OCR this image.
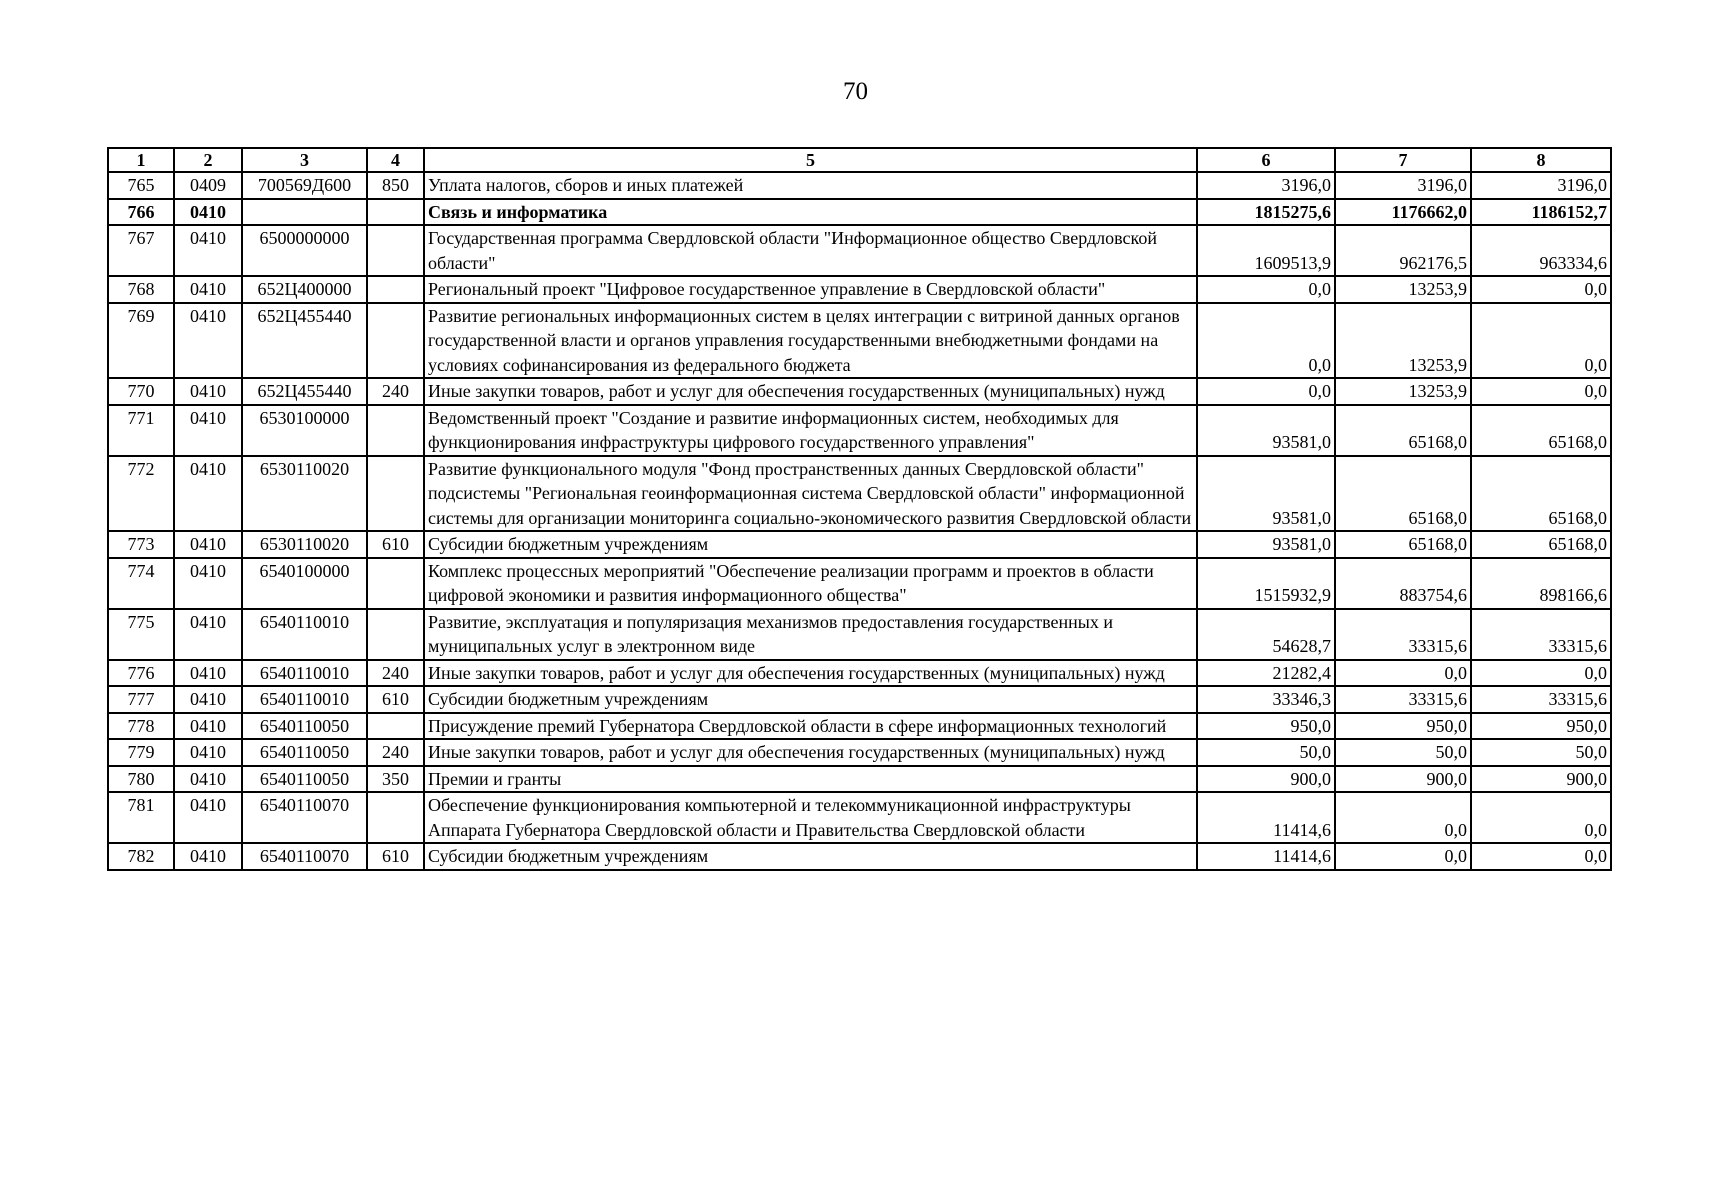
70
1	2	3	4	5	6	7	8
765	0409	700569Д600	850	Уплата налогов, сборов и иных платежей	3196,0	3196,0	3196,0
766	0410			Связь и информатика	1815275,6	1176662,0	1186152,7
767	0410	6500000000		Государственная программа Свердловской области "Информационное общество Свердловской области"	1609513,9	962176,5	963334,6
768	0410	652Ц400000		Региональный проект "Цифровое государственное управление в Свердловской области"	0,0	13253,9	0,0
769	0410	652Ц455440		Развитие региональных информационных систем в целях интеграции с витриной данных органов государственной власти и органов управления государственными внебюджетными фондами на условиях софинансирования из федерального бюджета	0,0	13253,9	0,0
770	0410	652Ц455440	240	Иные закупки товаров, работ и услуг для обеспечения государственных (муниципальных) нужд	0,0	13253,9	0,0
771	0410	6530100000		Ведомственный проект "Создание и развитие информационных систем, необходимых для функционирования инфраструктуры цифрового государственного управления"	93581,0	65168,0	65168,0
772	0410	6530110020		Развитие функционального модуля "Фонд пространственных данных Свердловской области" подсистемы "Региональная геоинформационная система Свердловской области" информационной системы для организации мониторинга социально-экономического развития Свердловской области	93581,0	65168,0	65168,0
773	0410	6530110020	610	Субсидии бюджетным учреждениям	93581,0	65168,0	65168,0
774	0410	6540100000		Комплекс процессных мероприятий "Обеспечение реализации программ и проектов в области цифровой экономики и развития информационного общества"	1515932,9	883754,6	898166,6
775	0410	6540110010		Развитие, эксплуатация и популяризация механизмов предоставления государственных и муниципальных услуг в электронном виде	54628,7	33315,6	33315,6
776	0410	6540110010	240	Иные закупки товаров, работ и услуг для обеспечения государственных (муниципальных) нужд	21282,4	0,0	0,0
777	0410	6540110010	610	Субсидии бюджетным учреждениям	33346,3	33315,6	33315,6
778	0410	6540110050		Присуждение премий Губернатора Свердловской области в сфере информационных технологий	950,0	950,0	950,0
779	0410	6540110050	240	Иные закупки товаров, работ и услуг для обеспечения государственных (муниципальных) нужд	50,0	50,0	50,0
780	0410	6540110050	350	Премии и гранты	900,0	900,0	900,0
781	0410	6540110070		Обеспечение функционирования компьютерной и телекоммуникационной инфраструктуры Аппарата Губернатора Свердловской области и Правительства Свердловской области	11414,6	0,0	0,0
782	0410	6540110070	610	Субсидии бюджетным учреждениям	11414,6	0,0	0,0
